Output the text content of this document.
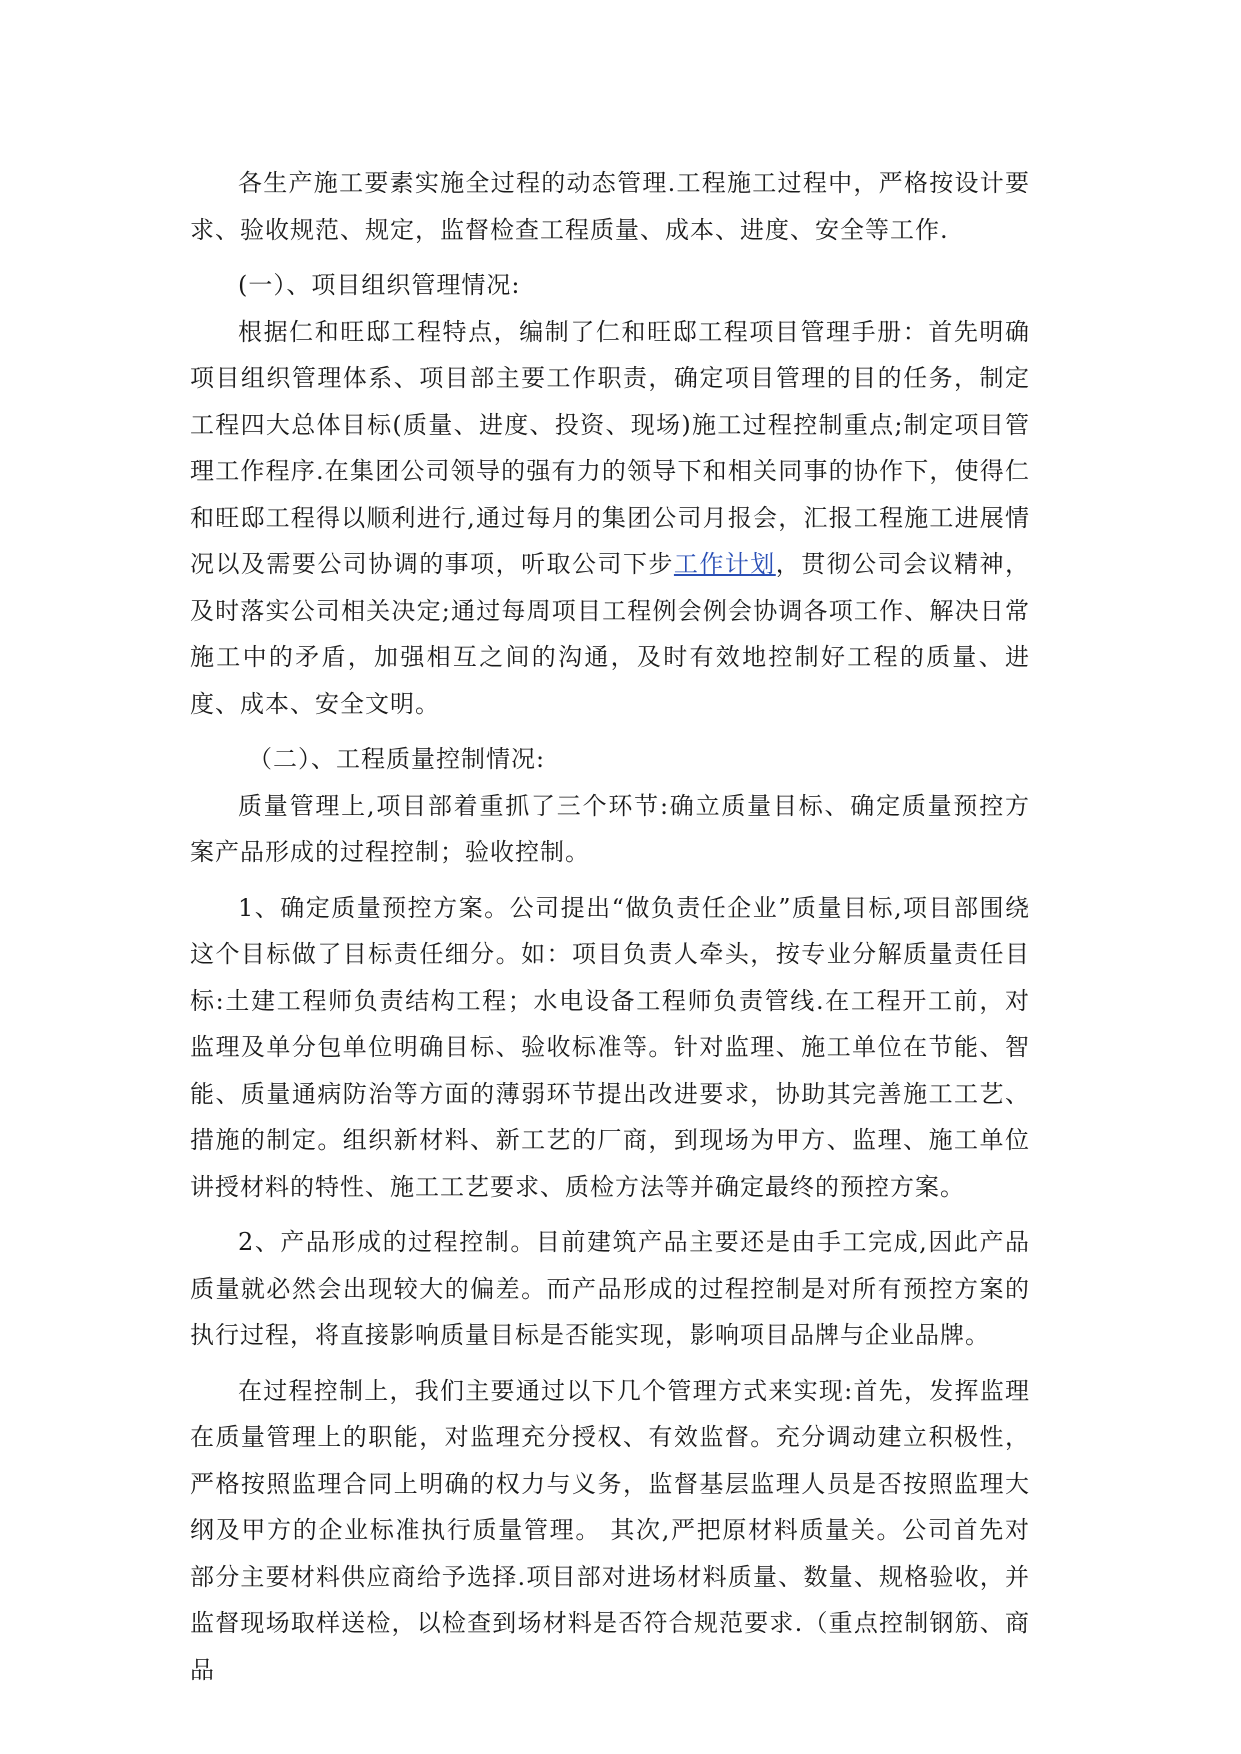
各生产施工要素实施全过程的动态管理.工程施工过程中，严格按设计要求、验收规范、规定，监督检查工程质量、成本、进度、安全等工作.

(一）、项目组织管理情况:

根据仁和旺邸工程特点，编制了仁和旺邸工程项目管理手册：首先明确项目组织管理体系、项目部主要工作职责，确定项目管理的目的任务，制定工程四大总体目标(质量、进度、投资、现场)施工过程控制重点;制定项目管理工作程序.在集团公司领导的强有力的领导下和相关同事的协作下，使得仁和旺邸工程得以顺利进行,通过每月的集团公司月报会，汇报工程施工进展情况以及需要公司协调的事项，听取公司下步工作计划，贯彻公司会议精神，及时落实公司相关决定;通过每周项目工程例会例会协调各项工作、解决日常施工中的矛盾，加强相互之间的沟通，及时有效地控制好工程的质量、进度、成本、安全文明。

（二）、工程质量控制情况:

质量管理上,项目部着重抓了三个环节:确立质量目标、确定质量预控方案产品形成的过程控制；验收控制。

1、确定质量预控方案。公司提出“做负责任企业”质量目标,项目部围绕这个目标做了目标责任细分。如：项目负责人牵头，按专业分解质量责任目标:土建工程师负责结构工程；水电设备工程师负责管线.在工程开工前，对监理及单分包单位明确目标、验收标准等。针对监理、施工单位在节能、智能、质量通病防治等方面的薄弱环节提出改进要求，协助其完善施工工艺、措施的制定。组织新材料、新工艺的厂商，到现场为甲方、监理、施工单位讲授材料的特性、施工工艺要求、质检方法等并确定最终的预控方案。

2、产品形成的过程控制。目前建筑产品主要还是由手工完成,因此产品质量就必然会出现较大的偏差。而产品形成的过程控制是对所有预控方案的执行过程，将直接影响质量目标是否能实现，影响项目品牌与企业品牌。

在过程控制上，我们主要通过以下几个管理方式来实现:首先，发挥监理在质量管理上的职能，对监理充分授权、有效监督。充分调动建立积极性，严格按照监理合同上明确的权力与义务，监督基层监理人员是否按照监理大纲及甲方的企业标准执行质量管理。 其次,严把原材料质量关。公司首先对部分主要材料供应商给予选择.项目部对进场材料质量、数量、规格验收，并监督现场取样送检，以检查到场材料是否符合规范要求.（重点控制钢筋、商品
